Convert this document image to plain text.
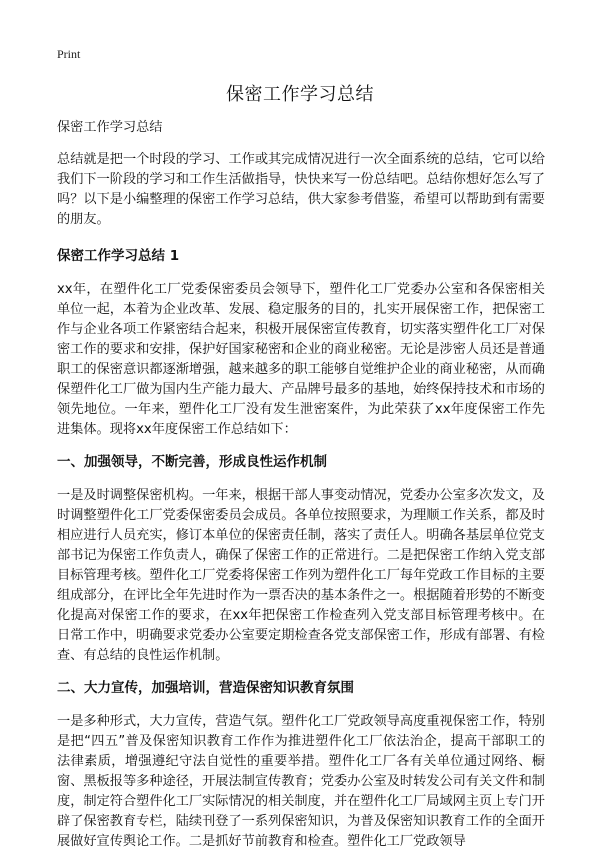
Print
保密工作学习总结

保密工作学习总结

总结就是把一个时段的学习、工作或其完成情况进行一次全面系统的总结，它可以给我们下一阶段的学习和工作生活做指导，快快来写一份总结吧。总结你想好怎么写了吗？以下是小编整理的保密工作学习总结，供大家参考借鉴，希望可以帮助到有需要的朋友。

保密工作学习总结 1

xx年，在塑件化工厂党委保密委员会领导下，塑件化工厂党委办公室和各保密相关单位一起，本着为企业改革、发展、稳定服务的目的，扎实开展保密工作，把保密工作与企业各项工作紧密结合起来，积极开展保密宣传教育，切实落实塑件化工厂对保密工作的要求和安排，保护好国家秘密和企业的商业秘密。无论是涉密人员还是普通职工的保密意识都逐渐增强，越来越多的职工能够自觉维护企业的商业秘密，从而确保塑件化工厂做为国内生产能力最大、产品牌号最多的基地，始终保持技术和市场的领先地位。一年来，塑件化工厂没有发生泄密案件，为此荣获了xx年度保密工作先进集体。现将xx年度保密工作总结如下：

一、加强领导，不断完善，形成良性运作机制

一是及时调整保密机构。一年来，根据干部人事变动情况，党委办公室多次发文，及时调整塑件化工厂党委保密委员会成员。各单位按照要求，为理顺工作关系，都及时相应进行人员充实，修订本单位的保密责任制，落实了责任人。明确各基层单位党支部书记为保密工作负责人，确保了保密工作的正常进行。二是把保密工作纳入党支部目标管理考核。塑件化工厂党委将保密工作列为塑件化工厂每年党政工作目标的主要组成部分，在评比全年先进时作为一票否决的基本条件之一。根据随着形势的不断变化提高对保密工作的要求，在xx年把保密工作检查列入党支部目标管理考核中。在日常工作中，明确要求党委办公室要定期检查各党支部保密工作，形成有部署、有检查、有总结的良性运作机制。

二、大力宣传，加强培训，营造保密知识教育氛围

一是多种形式，大力宣传，营造气氛。塑件化工厂党政领导高度重视保密工作，特别是把“四五”普及保密知识教育工作作为推进塑件化工厂依法治企，提高干部职工的 法律素质，增强遵纪守法自觉性的重要举措。塑件化工厂各有关单位通过网络、橱窗、黑板报等多种途径，开展法制宣传教育；党委办公室及时转发公司有关文件和制度，制定符合塑件化工厂实际情况的相关制度，并在塑件化工厂局域网主页上专门开辟了保密教育专栏，陆续刊登了一系列保密知识，为普及保密知识教育工作的全面开展做好宣传舆论工作。二是抓好节前教育和检查。塑件化工厂党政领导
